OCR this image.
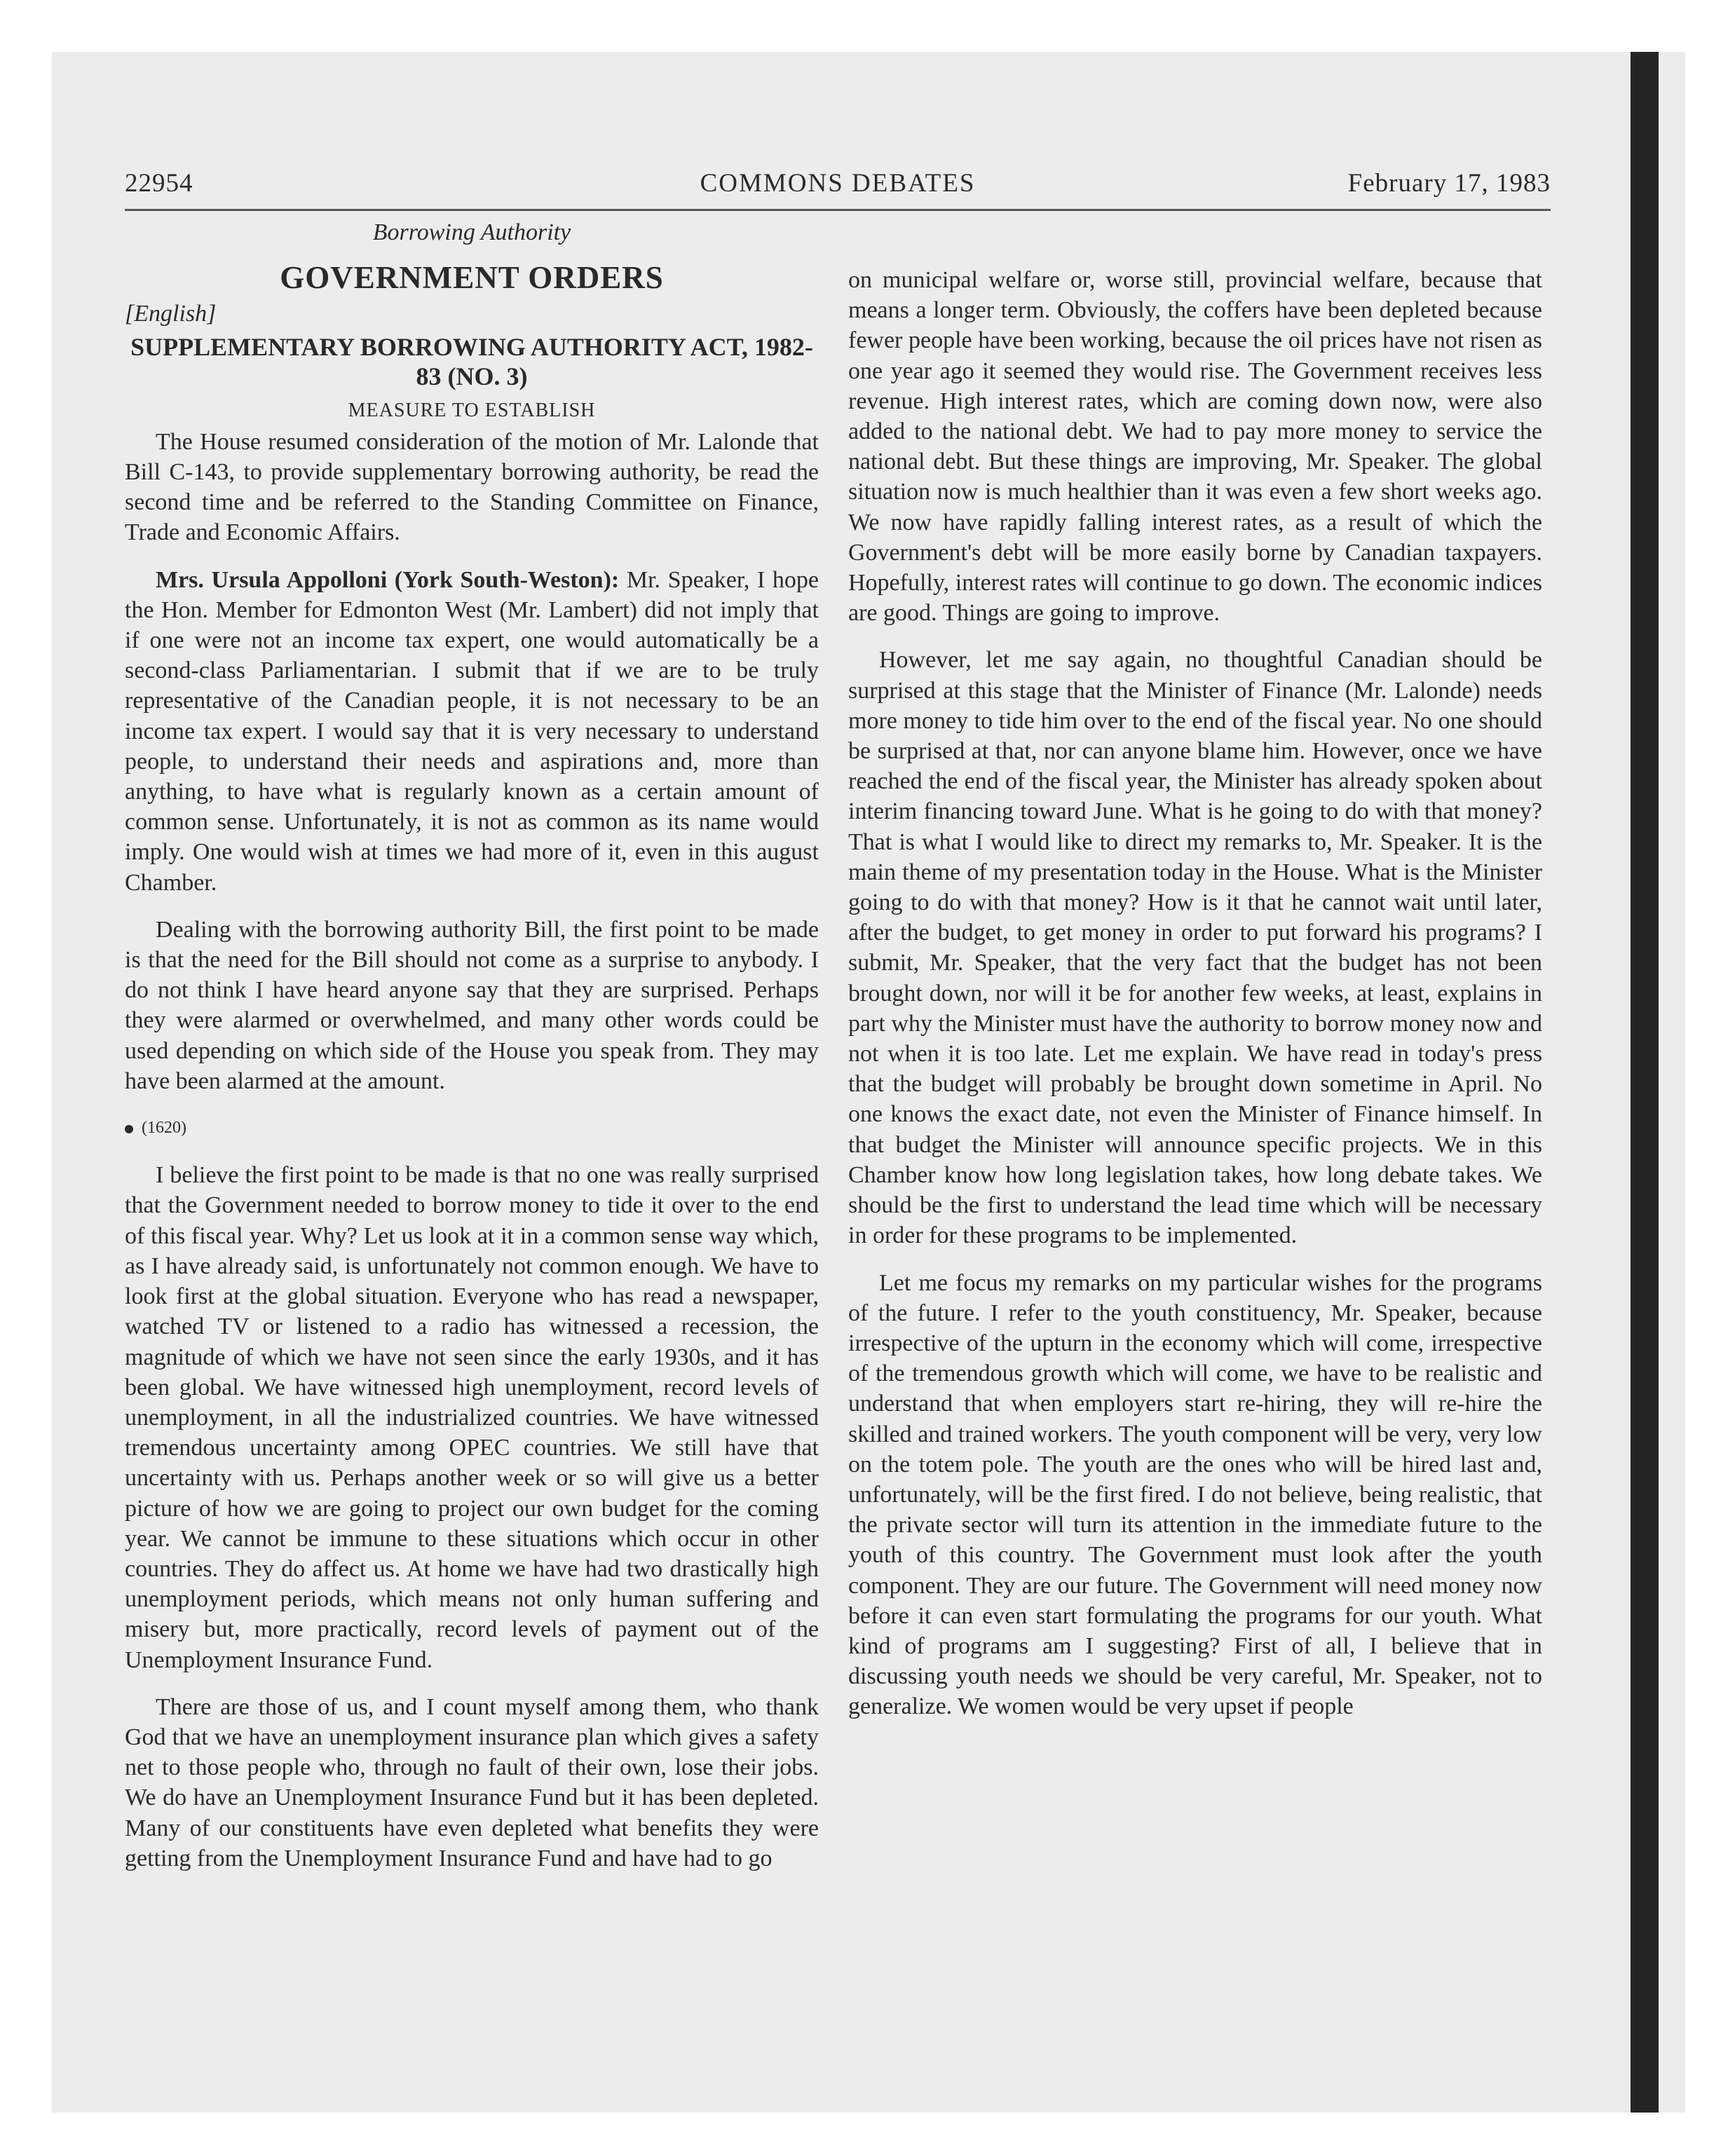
22954	COMMONS DEBATES	February 17, 1983
Borrowing Authority
GOVERNMENT ORDERS
[English]
SUPPLEMENTARY BORROWING AUTHORITY ACT, 1982-83 (NO. 3)
MEASURE TO ESTABLISH

The House resumed consideration of the motion of Mr. Lalonde that Bill C-143, to provide supplementary borrowing authority, be read the second time and be referred to the Standing Committee on Finance, Trade and Economic Affairs.

Mrs. Ursula Appolloni (York South-Weston): Mr. Speaker, I hope the Hon. Member for Edmonton West (Mr. Lambert) did not imply that if one were not an income tax expert, one would automatically be a second-class Parliamentarian. I submit that if we are to be truly representative of the Canadian people, it is not necessary to be an income tax expert. I would say that it is very necessary to understand people, to understand their needs and aspirations and, more than anything, to have what is regularly known as a certain amount of common sense. Unfortunately, it is not as common as its name would imply. One would wish at times we had more of it, even in this august Chamber.

Dealing with the borrowing authority Bill, the first point to be made is that the need for the Bill should not come as a surprise to anybody. I do not think I have heard anyone say that they are surprised. Perhaps they were alarmed or overwhelmed, and many other words could be used depending on which side of the House you speak from. They may have been alarmed at the amount.

(1620)

I believe the first point to be made is that no one was really surprised that the Government needed to borrow money to tide it over to the end of this fiscal year. Why? Let us look at it in a common sense way which, as I have already said, is unfortunately not common enough. We have to look first at the global situation. Everyone who has read a newspaper, watched TV or listened to a radio has witnessed a recession, the magnitude of which we have not seen since the early 1930s, and it has been global. We have witnessed high unemployment, record levels of unemployment, in all the industrialized countries. We have witnessed tremendous uncertainty among OPEC countries. We still have that uncertainty with us. Perhaps another week or so will give us a better picture of how we are going to project our own budget for the coming year. We cannot be immune to these situations which occur in other countries. They do affect us. At home we have had two drastically high unemployment periods, which means not only human suffering and misery but, more practically, record levels of payment out of the Unemployment Insurance Fund.

There are those of us, and I count myself among them, who thank God that we have an unemployment insurance plan which gives a safety net to those people who, through no fault of their own, lose their jobs. We do have an Unemployment Insurance Fund but it has been depleted. Many of our constituents have even depleted what benefits they were getting from the Unemployment Insurance Fund and have had to go

on municipal welfare or, worse still, provincial welfare, because that means a longer term. Obviously, the coffers have been depleted because fewer people have been working, because the oil prices have not risen as one year ago it seemed they would rise. The Government receives less revenue. High interest rates, which are coming down now, were also added to the national debt. We had to pay more money to service the national debt. But these things are improving, Mr. Speaker. The global situation now is much healthier than it was even a few short weeks ago. We now have rapidly falling interest rates, as a result of which the Government's debt will be more easily borne by Canadian taxpayers. Hopefully, interest rates will continue to go down. The economic indices are good. Things are going to improve.

However, let me say again, no thoughtful Canadian should be surprised at this stage that the Minister of Finance (Mr. Lalonde) needs more money to tide him over to the end of the fiscal year. No one should be surprised at that, nor can anyone blame him. However, once we have reached the end of the fiscal year, the Minister has already spoken about interim financing toward June. What is he going to do with that money? That is what I would like to direct my remarks to, Mr. Speaker. It is the main theme of my presentation today in the House. What is the Minister going to do with that money? How is it that he cannot wait until later, after the budget, to get money in order to put forward his programs? I submit, Mr. Speaker, that the very fact that the budget has not been brought down, nor will it be for another few weeks, at least, explains in part why the Minister must have the authority to borrow money now and not when it is too late. Let me explain. We have read in today's press that the budget will probably be brought down sometime in April. No one knows the exact date, not even the Minister of Finance himself. In that budget the Minister will announce specific projects. We in this Chamber know how long legislation takes, how long debate takes. We should be the first to understand the lead time which will be necessary in order for these programs to be implemented.

Let me focus my remarks on my particular wishes for the programs of the future. I refer to the youth constituency, Mr. Speaker, because irrespective of the upturn in the economy which will come, irrespective of the tremendous growth which will come, we have to be realistic and understand that when employers start re-hiring, they will re-hire the skilled and trained workers. The youth component will be very, very low on the totem pole. The youth are the ones who will be hired last and, unfortunately, will be the first fired. I do not believe, being realistic, that the private sector will turn its attention in the immediate future to the youth of this country. The Government must look after the youth component. They are our future. The Government will need money now before it can even start formulating the programs for our youth. What kind of programs am I suggesting? First of all, I believe that in discussing youth needs we should be very careful, Mr. Speaker, not to generalize. We women would be very upset if people
